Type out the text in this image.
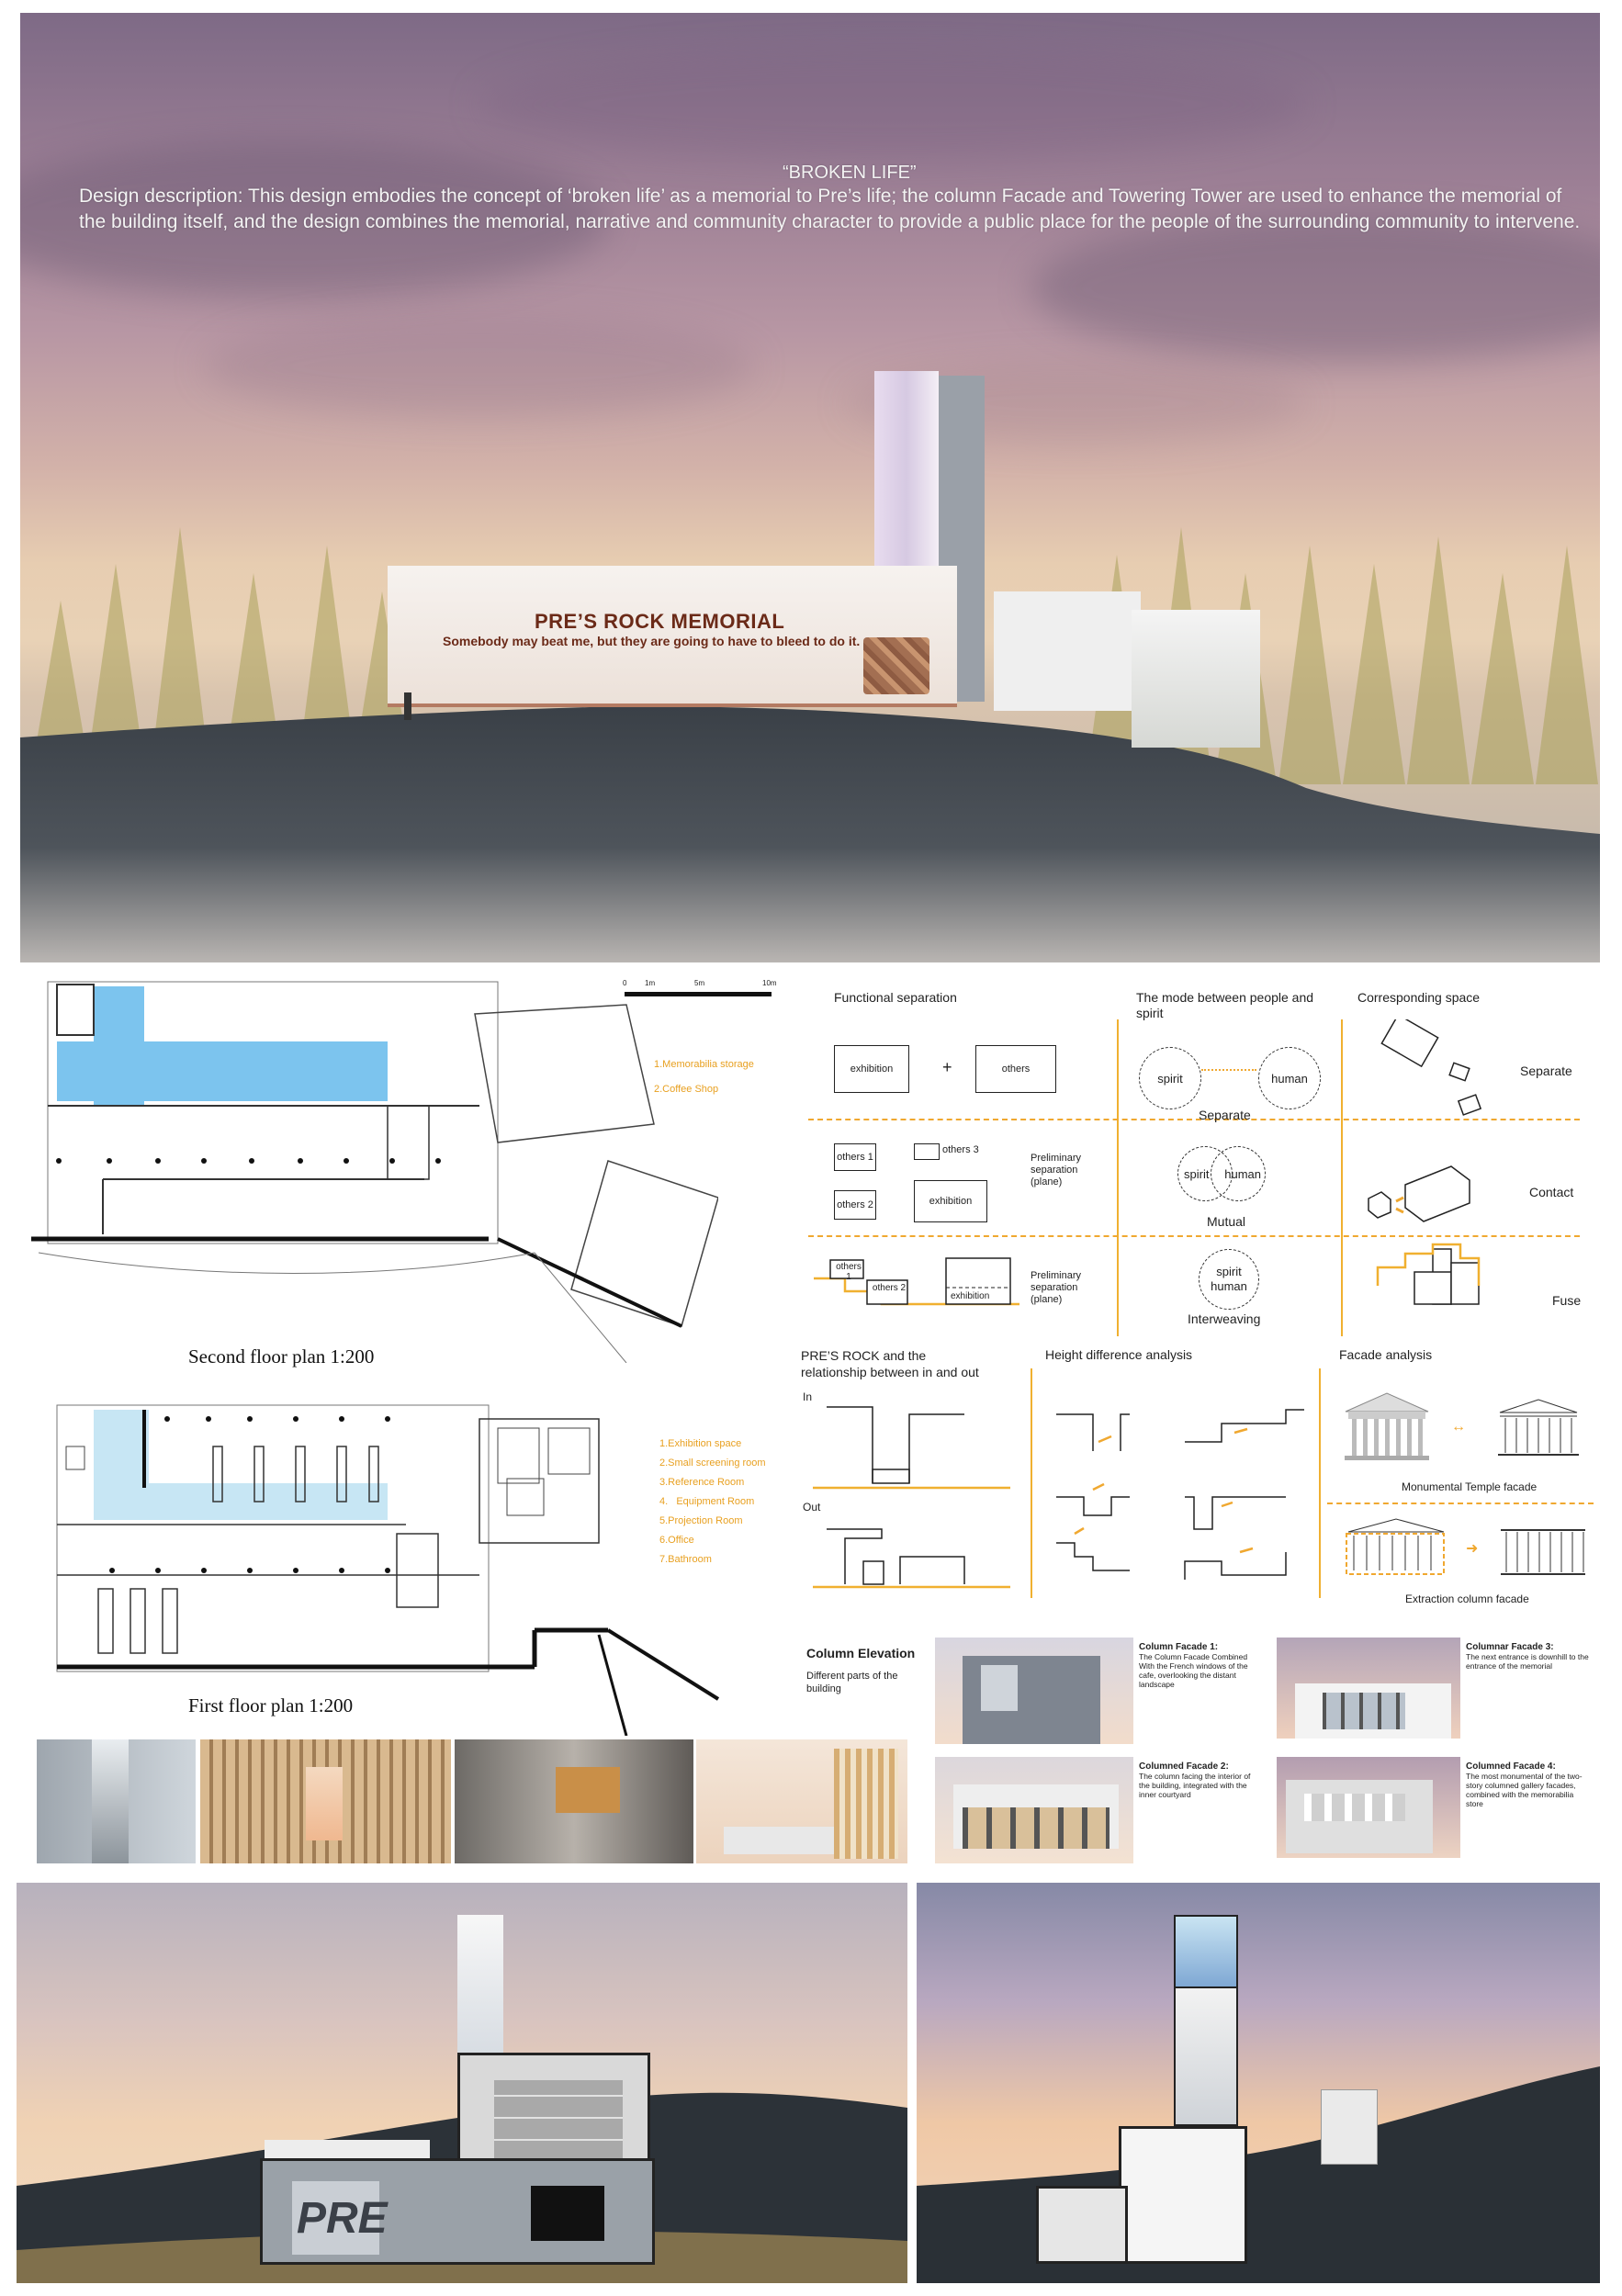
“BROKEN LIFE”
Design description: This design embodies the concept of ‘broken life’ as a memorial to Pre’s life; the column Facade and Towering Tower are used to enhance the memorial of the building itself, and the design combines the memorial, narrative and community character to provide a public place for the people of the surrounding community to intervene.
PRE’S ROCK MEMORIAL
Somebody may beat me, but they are going to have to bleed to do it.
0 1m	5m	10m
1.Memorabilia storage
2.Coffee Shop
Second floor plan 1:200
1.Exhibition space
2.Small screening room
3.Reference Room
4.   Equipment Room
5.Projection Room
6.Office
7.Bathroom
First floor plan 1:200
Functional separation	The mode between people and spirit
Corresponding space
exhibition	+	others
others 1
others 2
others 3
exhibition
Preliminary separation (plane)
others 1
others 2
exhibition
Preliminary separation (plane)
spirit	human
Separate
spirit	human
Mutual
spirit
human
Interweaving
Separate
Contact
Fuse
PRE’S ROCK and the relationship between in and out
Height difference analysis	Facade analysis
In
Out
↔
Monumental Temple facade
➜
Extraction column facade
Column Elevation
Different parts of the building
Column Facade 1:
The Column Facade Combined With the French windows of the cafe, overlooking the distant landscape
Columnar Facade 3:
The next entrance is downhill to the entrance of the memorial
Columned Facade 2:
The column facing the interior of the building, integrated with the inner courtyard
Columned Facade 4:
The most monumental of the two-story columned gallery facades, combined with the memorabilia store
PRE
